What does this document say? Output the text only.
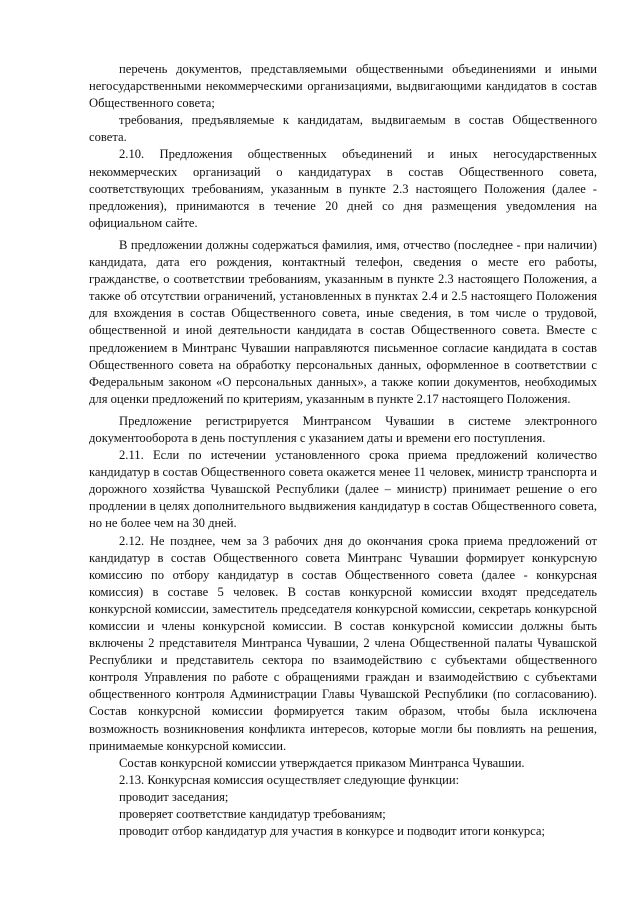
перечень документов, представляемыми общественными объединениями и иными негосударственными некоммерческими организациями, выдвигающими кандидатов в состав Общественного совета;

требования, предъявляемые к кандидатам, выдвигаемым в состав Общественного совета.

2.10. Предложения общественных объединений и иных негосударственных некоммерческих организаций о кандидатурах в состав Общественного совета, соответствующих требованиям, указанным в пункте 2.3 настоящего Положения (далее - предложения), принимаются в течение 20 дней со дня размещения уведомления на официальном сайте.

В предложении должны содержаться фамилия, имя, отчество (последнее - при наличии) кандидата, дата его рождения, контактный телефон, сведения о месте его работы, гражданстве, о соответствии требованиям, указанным в пункте 2.3 настоящего Положения, а также об отсутствии ограничений, установленных в пунктах 2.4 и 2.5 настоящего Положения для вхождения в состав Общественного совета, иные сведения, в том числе о трудовой, общественной и иной деятельности кандидата в состав Общественного совета. Вместе с предложением в Минтранс Чувашии направляются письменное согласие кандидата в состав Общественного совета на обработку персональных данных, оформленное в соответствии с Федеральным законом «О персональных данных», а также копии документов, необходимых для оценки предложений по критериям, указанным в пункте 2.17 настоящего Положения.

Предложение регистрируется Минтрансом Чувашии в системе электронного документооборота в день поступления с указанием даты и времени его поступления.

2.11. Если по истечении установленного срока приема предложений количество кандидатур в состав Общественного совета окажется менее 11 человек, министр транспорта и дорожного хозяйства Чувашской Республики (далее – министр) принимает решение о его продлении в целях дополнительного выдвижения кандидатур в состав Общественного совета, но не более чем на 30 дней.

2.12. Не позднее, чем за 3 рабочих дня до окончания срока приема предложений от кандидатур в состав Общественного совета Минтранс Чувашии формирует конкурсную комиссию по отбору кандидатур в состав Общественного совета (далее - конкурсная комиссия) в составе 5 человек. В состав конкурсной комиссии входят председатель конкурсной комиссии, заместитель председателя конкурсной комиссии, секретарь конкурсной комиссии и члены конкурсной комиссии. В состав конкурсной комиссии должны быть включены 2 представителя Минтранса Чувашии, 2 члена Общественной палаты Чувашской Республики и представитель сектора по взаимодействию с субъектами общественного контроля Управления по работе с обращениями граждан и взаимодействию с субъектами общественного контроля Администрации Главы Чувашской Республики (по согласованию). Состав конкурсной комиссии формируется таким образом, чтобы была исключена возможность возникновения конфликта интересов, которые могли бы повлиять на решения, принимаемые конкурсной комиссии.

Состав конкурсной комиссии утверждается приказом Минтранса Чувашии.

2.13. Конкурсная комиссия осуществляет следующие функции:

проводит заседания;

проверяет соответствие кандидатур требованиям;

проводит отбор кандидатур для участия в конкурсе и подводит итоги конкурса;
